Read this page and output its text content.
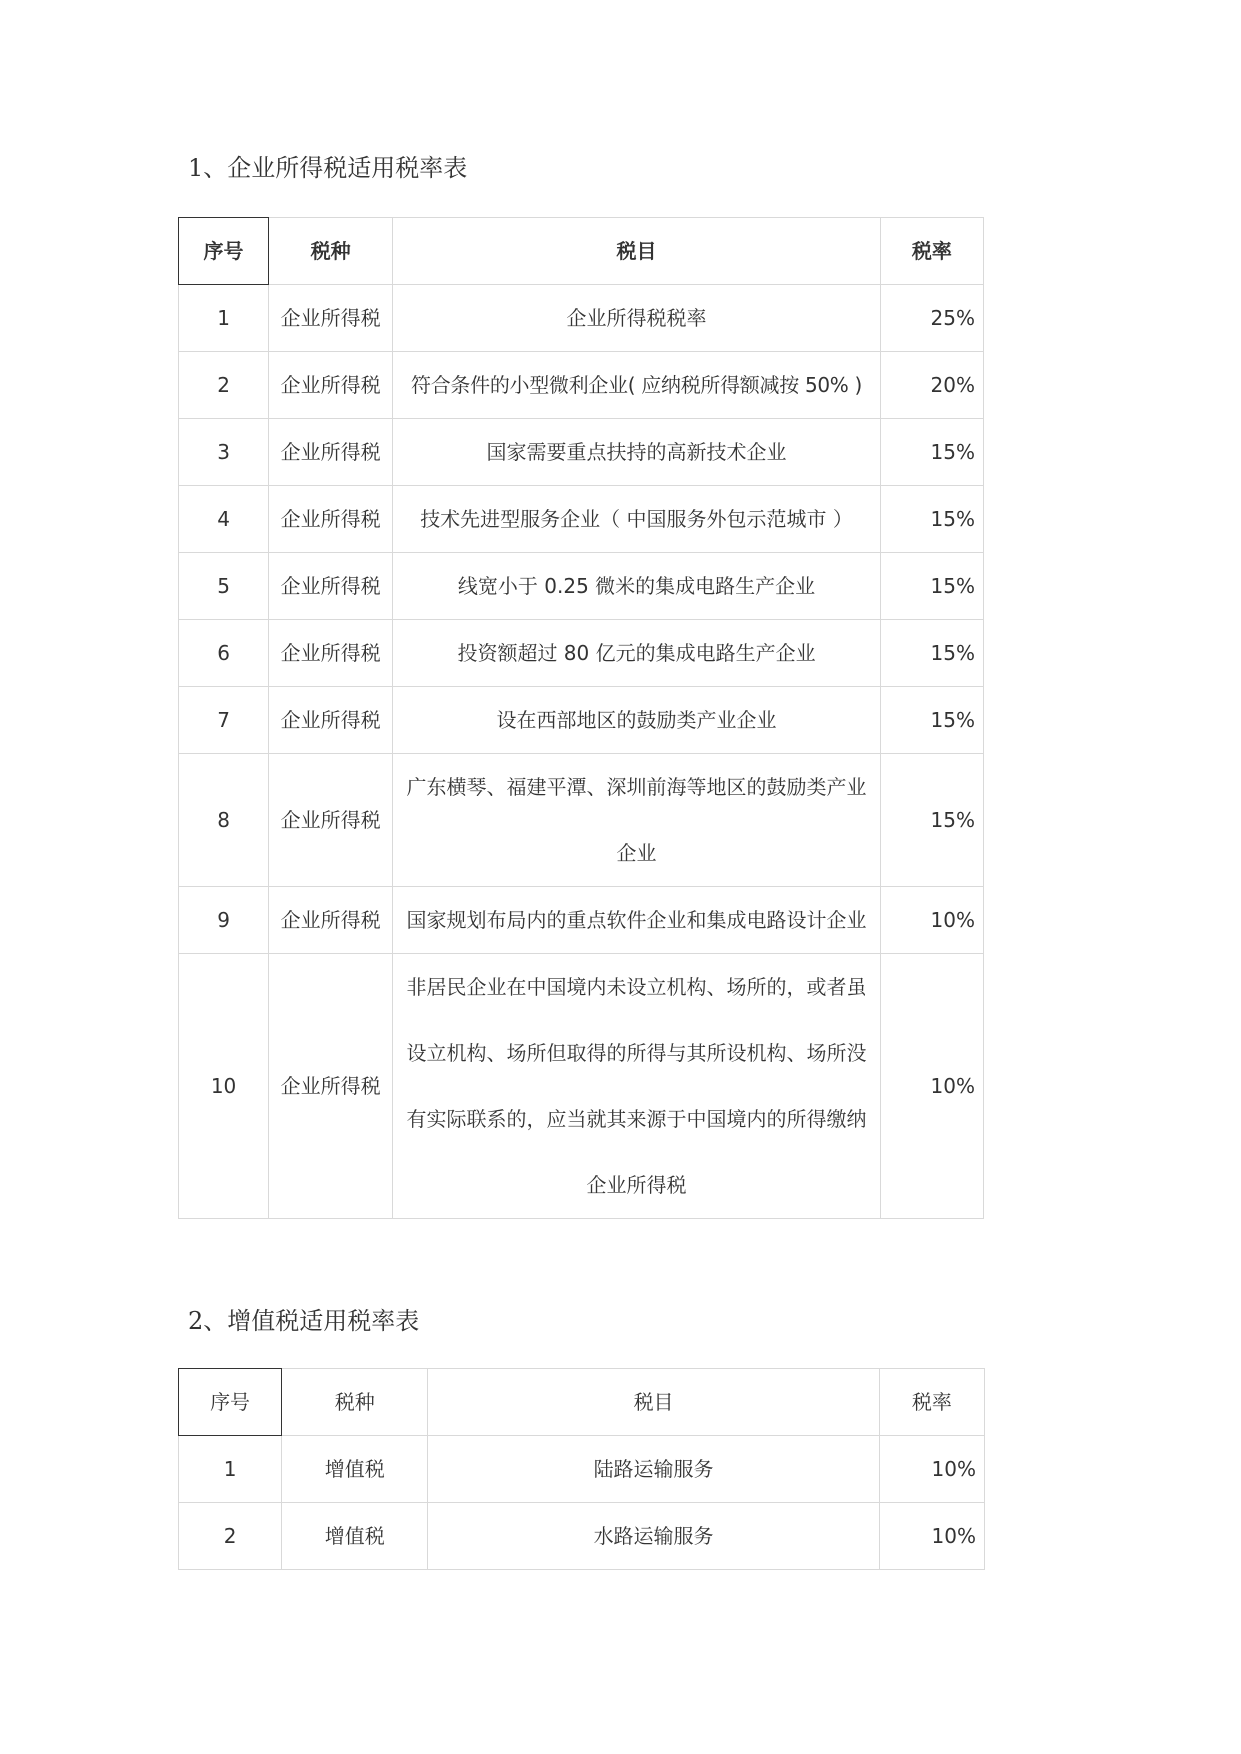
1、企业所得税适用税率表
序号	税种	税目	税率
1	企业所得税	企业所得税税率	25%
2	企业所得税	符合条件的小型微利企业( 应纳税所得额减按 50% )	20%
3	企业所得税	国家需要重点扶持的高新技术企业	15%
4	企业所得税	技术先进型服务企业（ 中国服务外包示范城市 ）	15%
5	企业所得税	线宽小于 0.25 微米的集成电路生产企业	15%
6	企业所得税	投资额超过 80 亿元的集成电路生产企业	15%
7	企业所得税	设在西部地区的鼓励类产业企业	15%
8	企业所得税	广东横琴、福建平潭、深圳前海等地区的鼓励类产业企业	15%
9	企业所得税	国家规划布局内的重点软件企业和集成电路设计企业	10%
10	企业所得税	非居民企业在中国境内未设立机构、场所的，或者虽设立机构、场所但取得的所得与其所设机构、场所没有实际联系的，应当就其来源于中国境内的所得缴纳企业所得税	10%
2、增值税适用税率表
序号	税种	税目	税率
1	增值税	陆路运输服务	10%
2	增值税	水路运输服务	10%
